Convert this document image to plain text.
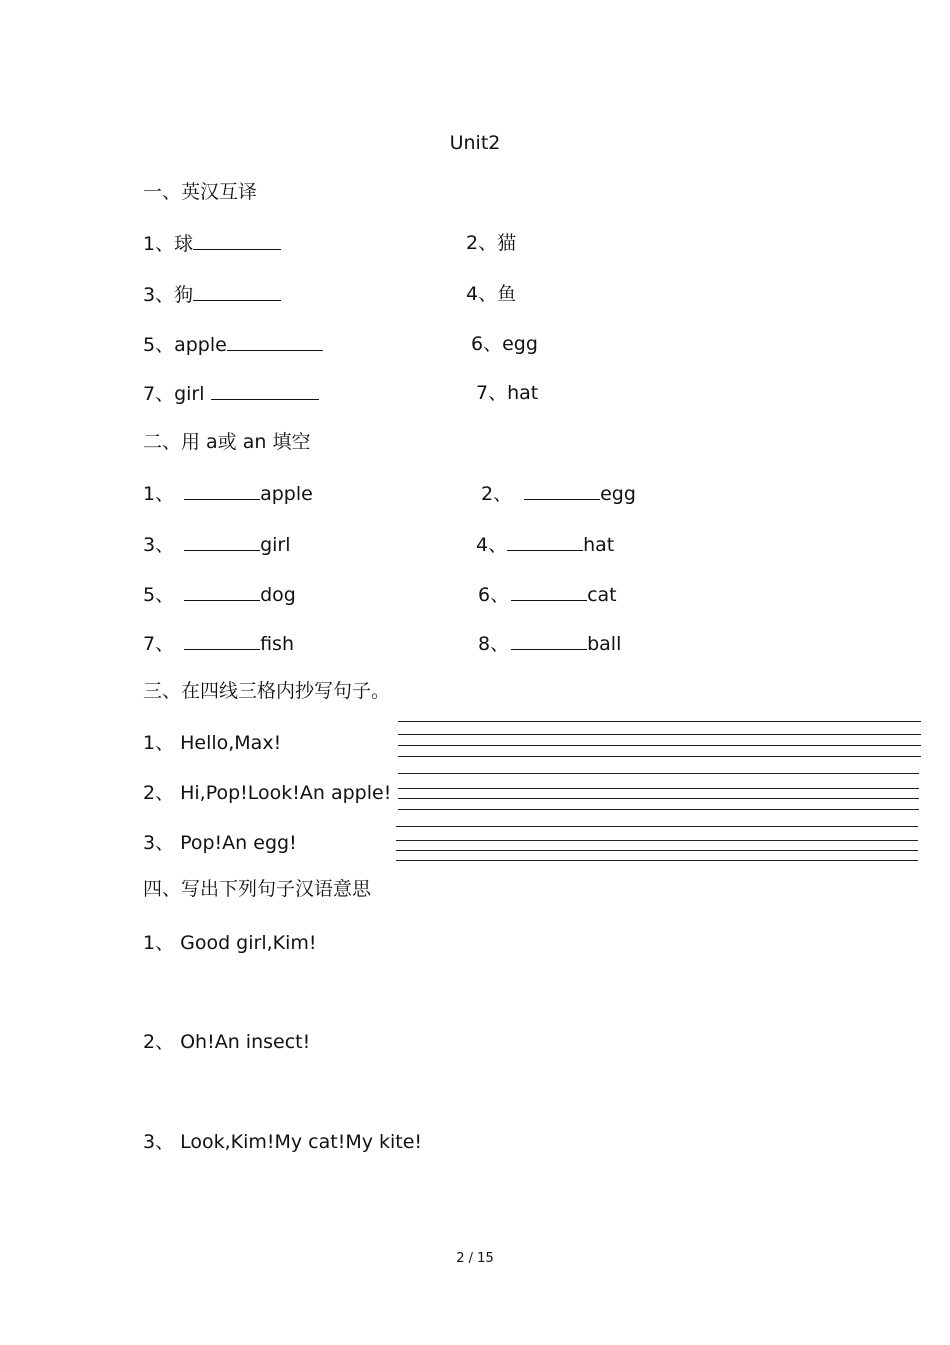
Unit2
一、英汉互译
1、球	2、猫
3、狗	4、鱼
5、apple	6、egg
7、girl	7、hat
二、用 a或 an 填空
1、	apple	2、	egg
3、	girl	4、	hat
5、	dog	6、	cat
7、	fish	8、	ball
三、在四线三格内抄写句子。
1、 Hello,Max!
2、 Hi,Pop!Look!An apple!
3、 Pop!An egg!
四、写出下列句子汉语意思
1、 Good girl,Kim!
2、 Oh!An insect!
3、 Look,Kim!My cat!My kite!
2 / 15
